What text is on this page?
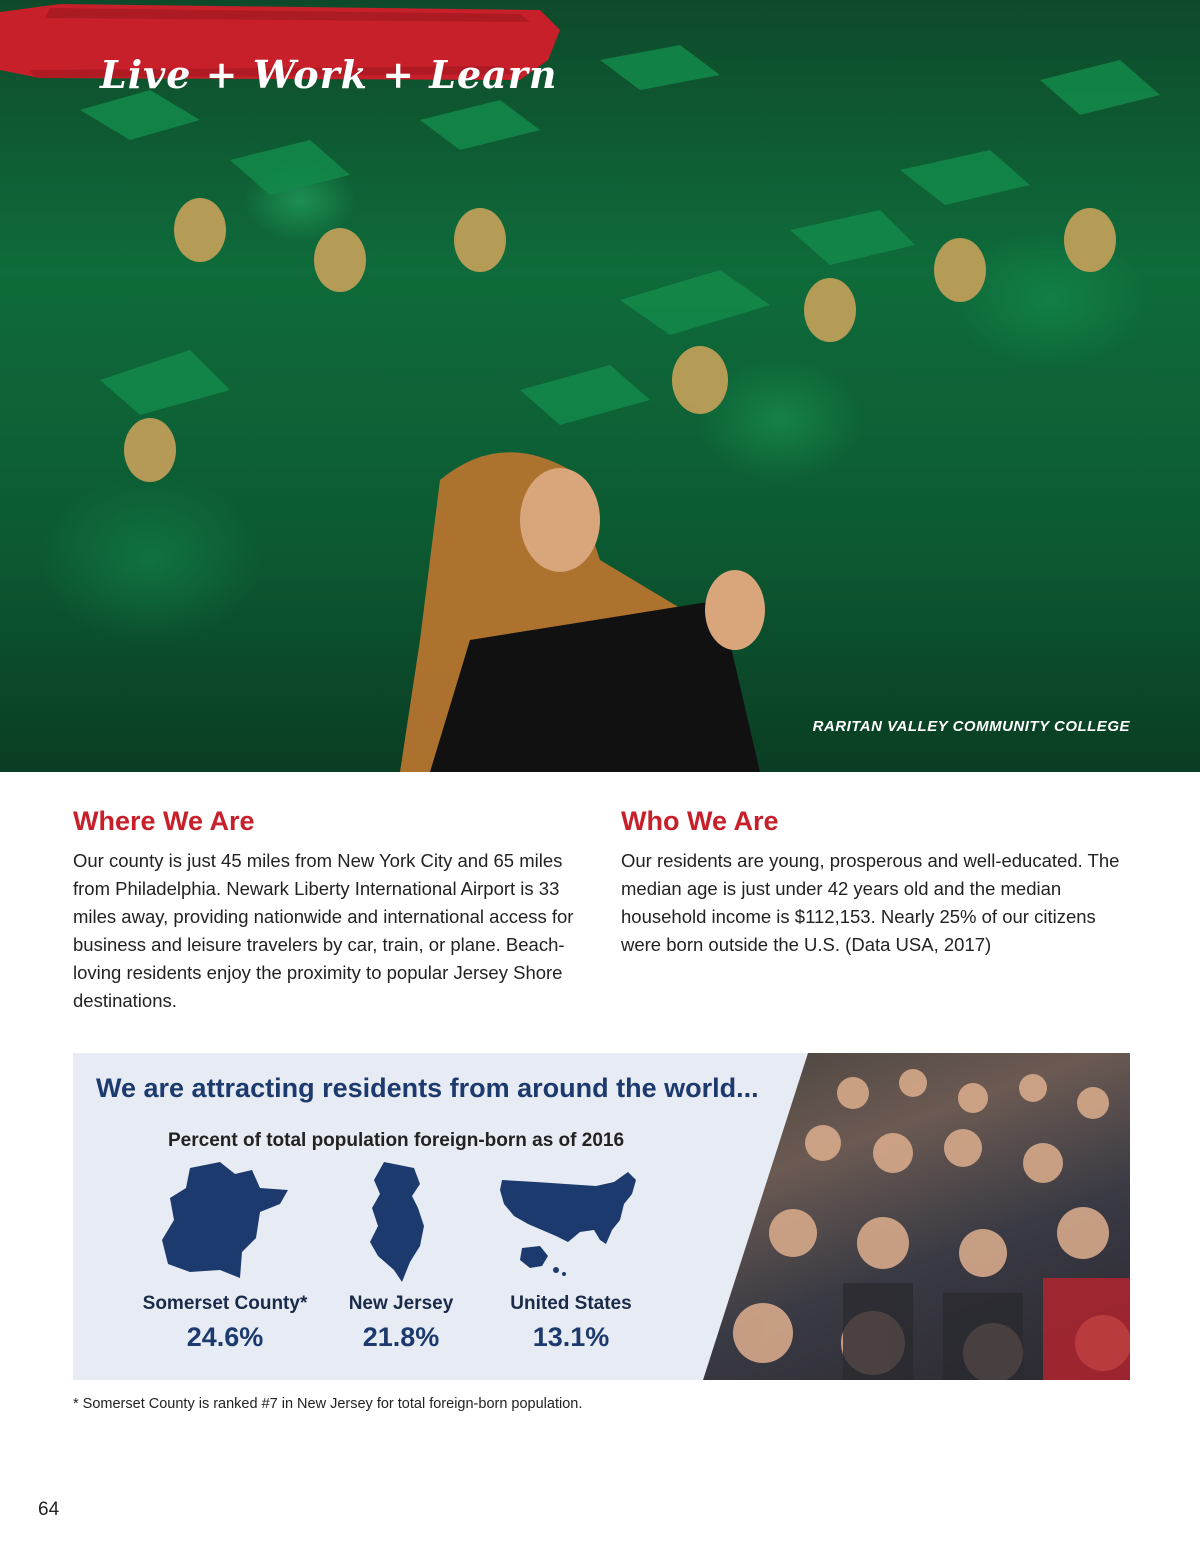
Live + Work + Learn
RARITAN VALLEY COMMUNITY COLLEGE
Where We Are

Our county is just 45 miles from New York City and 65 miles from Philadelphia. Newark Liberty International Airport is 33 miles away, providing nationwide and international access for business and leisure travelers by car, train, or plane. Beach-loving residents enjoy the proximity to popular Jersey Shore destinations.

Who We Are

Our residents are young, prosperous and well-educated. The median age is just under 42 years old and the median household income is $112,153. Nearly 25% of our citizens were born outside the U.S. (Data USA, 2017)

We are attracting residents from around the world...
Percent of total population foreign-born as of 2016
Somerset County*
24.6%
New Jersey
21.8%
United States
13.1%
* Somerset County is ranked #7 in New Jersey for total foreign-born population.
64
